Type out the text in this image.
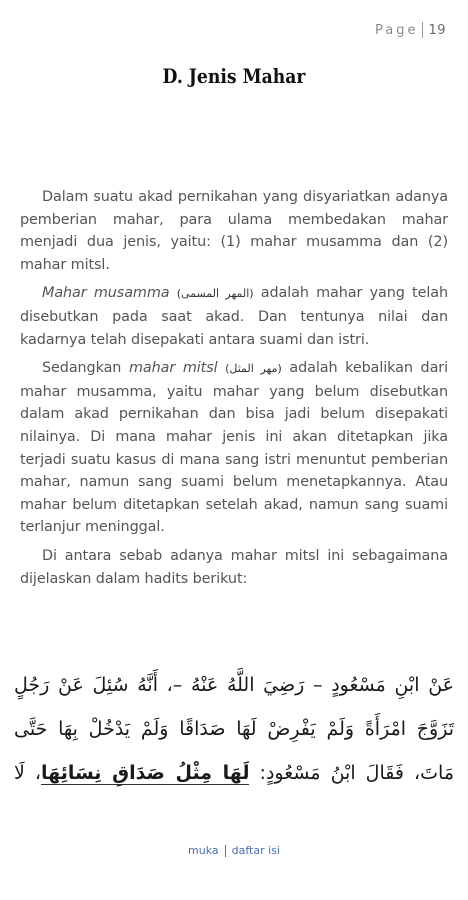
Page 19
D. Jenis Mahar

Dalam suatu akad pernikahan yang disyariatkan adanya pemberian mahar, para ulama membedakan mahar menjadi dua jenis, yaitu: (1) mahar musamma dan (2) mahar mitsl.

Mahar musamma (المهر المسمى) adalah mahar yang telah disebutkan pada saat akad. Dan tentunya nilai dan kadarnya telah disepakati antara suami dan istri.

Sedangkan mahar mitsl (مهر المثل) adalah kebalikan dari mahar musamma, yaitu mahar yang belum disebutkan dalam akad pernikahan dan bisa jadi belum disepakati nilainya. Di mana mahar jenis ini akan ditetapkan jika terjadi suatu kasus di mana sang istri menuntut pemberian mahar, namun sang suami belum menetapkannya. Atau mahar belum ditetapkan setelah akad, namun sang suami terlanjur meninggal.

Di antara sebab adanya mahar mitsl ini sebagaimana dijelaskan dalam hadits berikut:

عَنْ ابْنِ مَسْعُودٍ – رَضِيَ اللَّهُ عَنْهُ –، أَنَّهُ سُئِلَ عَنْ رَجُلٍ
تَزَوَّجَ امْرَأَةً وَلَمْ يَفْرِضْ لَهَا صَدَاقًا وَلَمْ يَدْخُلْ بِهَا حَتَّى
مَاتَ، فَقَالَ ابْنُ مَسْعُودٍ: لَهَا مِثْلُ صَدَاقِ نِسَائِهَا، لَا
muka daftar isi
